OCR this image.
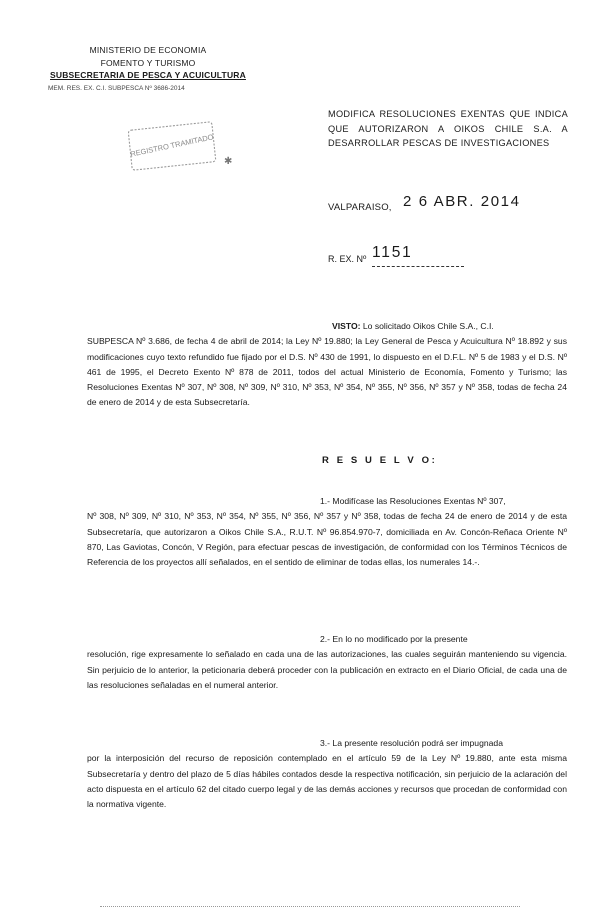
MINISTERIO DE ECONOMIA
FOMENTO Y TURISMO
SUBSECRETARIA DE PESCA Y ACUICULTURA
MEM. RES. EX. C.I. SUBPESCA Nº 3686-2014
REGISTRO TRAMITADO
✱
MODIFICA RESOLUCIONES EXENTAS QUE INDICA QUE AUTORIZARON A OIKOS CHILE S.A. A DESARROLLAR PESCAS DE INVESTIGACIONES
VALPARAISO, 2 6 ABR. 2014
R. EX. Nº 1151
VISTO: Lo solicitado Oikos Chile S.A., C.I.
SUBPESCA Nº 3.686, de fecha 4 de abril de 2014; la Ley Nº 19.880; la Ley General de Pesca y Acuicultura Nº 18.892 y sus modificaciones cuyo texto refundido fue fijado por el D.S. Nº 430 de 1991, lo dispuesto en el D.F.L. Nº 5 de 1983 y el D.S. Nº 461 de 1995, el Decreto Exento Nº 878 de 2011, todos del actual Ministerio de Economía, Fomento y Turismo; las Resoluciones Exentas Nº 307, Nº 308, Nº 309, Nº 310, Nº 353, Nº 354, Nº 355, Nº 356, Nº 357 y Nº 358, todas de fecha 24 de enero de 2014 y de esta Subsecretaría.
R E S U E L V O:
1.- Modifícase las Resoluciones Exentas Nº 307,
Nº 308, Nº 309, Nº 310, Nº 353, Nº 354, Nº 355, Nº 356, Nº 357 y Nº 358, todas de fecha 24 de enero de 2014 y de esta Subsecretaría, que autorizaron a Oikos Chile S.A., R.U.T. Nº 96.854.970-7, domiciliada en Av. Concón-Reñaca Oriente Nº 870, Las Gaviotas, Concón, V Región, para efectuar pescas de investigación, de conformidad con los Términos Técnicos de Referencia de los proyectos allí señalados, en el sentido de eliminar de todas ellas, los numerales 14.-.
2.- En lo no modificado por la presente
resolución, rige expresamente lo señalado en cada una de las autorizaciones, las cuales seguirán manteniendo su vigencia. Sin perjuicio de lo anterior, la peticionaria deberá proceder con la publicación en extracto en el Diario Oficial, de cada una de las resoluciones señaladas en el numeral anterior.
3.- La presente resolución podrá ser impugnada
por la interposición del recurso de reposición contemplado en el artículo 59 de la Ley Nº 19.880, ante esta misma Subsecretaría y dentro del plazo de 5 días hábiles contados desde la respectiva notificación, sin perjuicio de la aclaración del acto dispuesta en el artículo 62 del citado cuerpo legal y de las demás acciones y recursos que procedan de conformidad con la normativa vigente.
